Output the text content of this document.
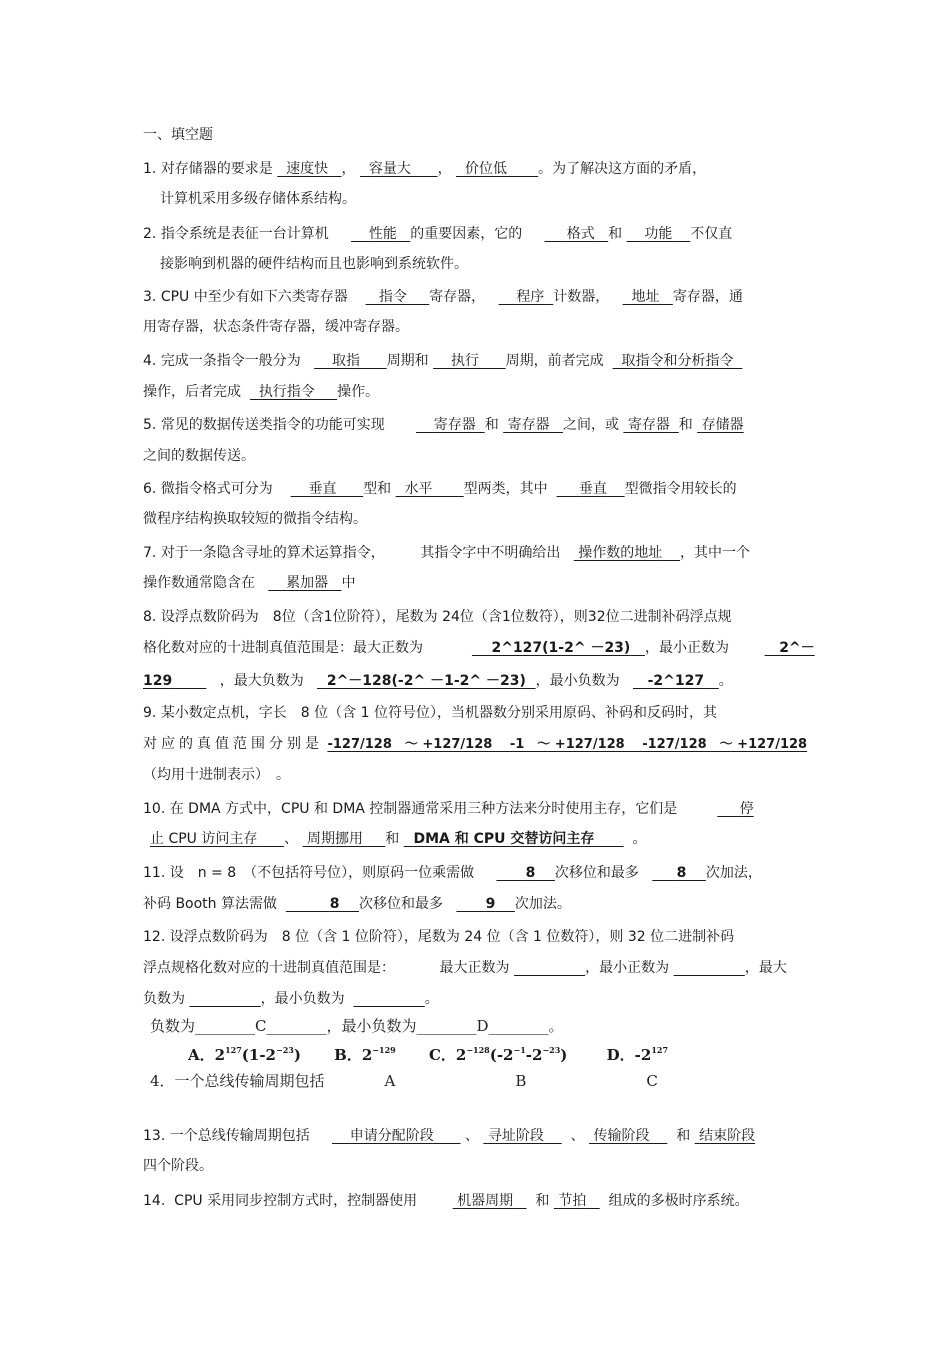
一、填空题
1. 对存储器的要求是 速度快 ， 容量大 ， 价位低 。为了解决这方面的矛盾，
计算机采用多级存储体系结构。
2. 指令系统是表征一台计算机	性能 的重要因素，它的	格式 和 功能 不仅直
接影响到机器的硬件结构而且也影响到系统软件。
3. CPU 中至少有如下六类寄存器 指令 寄存器， 程序 计数器， 地址 寄存器，通
用寄存器，状态条件寄存器，缓冲寄存器。
4. 完成一条指令一般分为 取指 周期和 执行 周期，前者完成 取指令和分析指令
操作，后者完成 执行指令 操作。
5. 常见的数据传送类指令的功能可实现	寄存器 和 寄存器 之间，或 寄存器 和 存储器
之间的数据传送。
6. 微指令格式可分为	垂直 型和 水平 型两类，其中 垂直 型微指令用较长的
微程序结构换取较短的微指令结构。
7. 对于一条隐含寻址的算术运算指令，	其指令字中不明确给出 操作数的地址 ，其中一个
操作数通常隐含在 累加器 中
8. 设浮点数阶码为　8位（含1位阶符），尾数为 24位（含1位数符），则32位二进制补码浮点规
格化数对应的十进制真值范围是：最大正数为	2^127(1-2^ －23) ，最小正数为	2^－
129	，最大负数为 2^－128(-2^ －1-2^ －23) ，最小负数为 -2^127 。
9. 某小数定点机，字长　8 位（含 1 位符号位），当机器数分别采用原码、补码和反码时，其
对应的真值范围分别是 -127/128　～ +127/128　 -1　～ +127/128　 -127/128　～ +127/128
（均用十进制表示）　。
10. 在 DMA 方式中，CPU 和 DMA 控制器通常采用三种方法来分时使用主存，它们是	停
止 CPU 访问主存 、 周期挪用 和 DMA 和 CPU 交替访问主存	。
11. 设　n = 8　（不包括符号位），则原码一位乘需做	8 次移位和最多	8 次加法，
补码 Booth 算法需做	8 次移位和最多	9 次加法。
12. 设浮点数阶码为　8 位（含 1 位阶符），尾数为 24 位（含 1 位数符），则 32 位二进制补码
浮点规格化数对应的十进制真值范围是：	最大正数为	，最小正数为	，最大
负数为	，最小负数为	。
负数为________C________，最小负数为________D________。
A．$2^{127}(1-2^{-23})$ B．$2^{-129}$ C．$2^{-128}(-2^{-1}-2^{-23})$	D．$-2^{127}$
4．一个总线传输周期包括　　　　A　　　　　　　　B　　　　　　　　C
13. 一个总线传输周期包括	申请分配阶段 、 寻址阶段 、 传输阶段 和 结束阶段
四个阶段。
14. CPU 采用同步控制方式时，控制器使用	机器周期 和 节拍 组成的多极时序系统。
